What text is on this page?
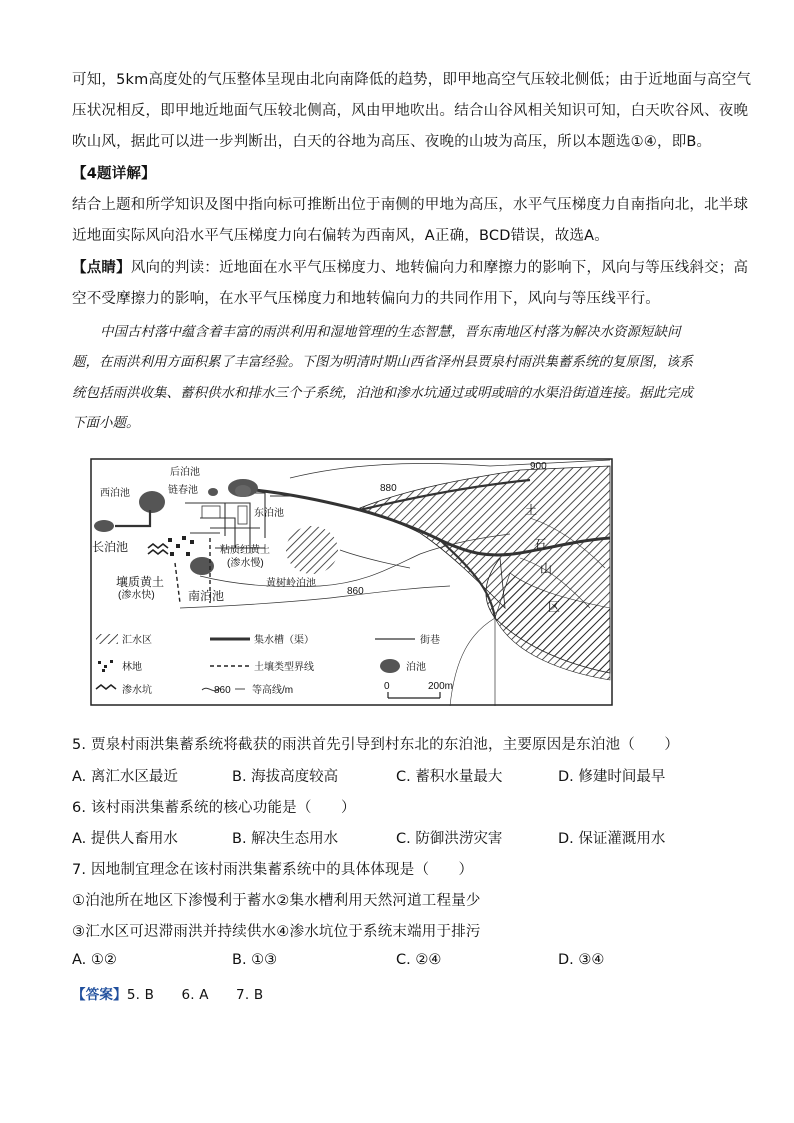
可知，5km高度处的气压整体呈现由北向南降低的趋势，即甲地高空气压较北侧低；由于近地面与高空气
压状况相反，即甲地近地面气压较北侧高，风由甲地吹出。结合山谷风相关知识可知，白天吹谷风、夜晚
吹山风，据此可以进一步判断出，白天的谷地为高压、夜晚的山坡为高压，所以本题选①④，即B。
【4题详解】
结合上题和所学知识及图中指向标可推断出位于南侧的甲地为高压，水平气压梯度力自南指向北，北半球
近地面实际风向沿水平气压梯度力向右偏转为西南风，A正确，BCD错误，故选A。
【点睛】风向的判读：近地面在水平气压梯度力、地转偏向力和摩擦力的影响下，风向与等压线斜交；高
空不受摩擦力的影响，在水平气压梯度力和地转偏向力的共同作用下，风向与等压线平行。
中国古村落中蕴含着丰富的雨洪利用和湿地管理的生态智慧，晋东南地区村落为解决水资源短缺问
题，在雨洪利用方面积累了丰富经验。下图为明清时期山西省泽州县贾泉村雨洪集蓄系统的复原图，该系
统包括雨洪收集、蓄积供水和排水三个子系统，泊池和渗水坑通过或明或暗的水渠沿街道连接。据此完成
下面小题。
后泊池
链春池
西泊池
东泊池
长泊池	粘质红黄土
(渗水慢)
壤质黄土
(渗水快)	南泊池
黄树岭泊池
900
880
860
土
石
山
区
汇水区	集水槽（渠）	街巷
林地	土壤类型界线	泊池
渗水坑	860 等高线/m	0	200m
5. 贾泉村雨洪集蓄系统将截获的雨洪首先引导到村东北的东泊池，主要原因是东泊池（　　）
A. 离汇水区最近	B. 海拔高度较高	C. 蓄积水量最大	D. 修建时间最早
6. 该村雨洪集蓄系统的核心功能是（　　）
A. 提供人畜用水	B. 解决生态用水	C. 防御洪涝灾害	D. 保证灌溉用水
7. 因地制宜理念在该村雨洪集蓄系统中的具体体现是（　　）
①泊池所在地区下渗慢利于蓄水②集水槽利用天然河道工程量少
③汇水区可迟滞雨洪并持续供水④渗水坑位于系统末端用于排污
A. ①②	B. ①③	C. ②④	D. ③④
【答案】5. B　　6. A　　7. B
